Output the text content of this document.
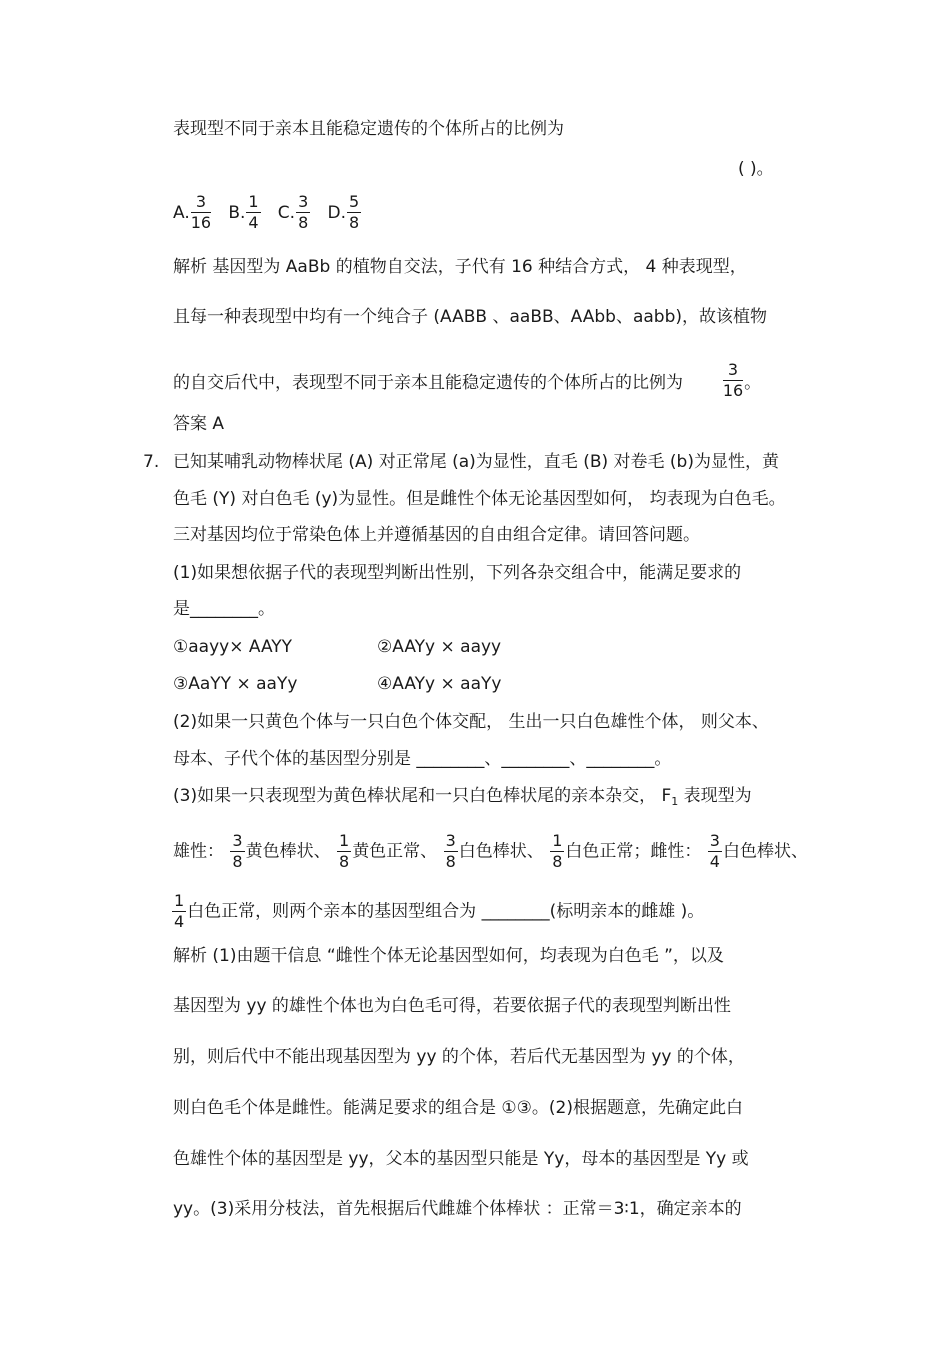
表现型不同于亲本且能稳定遗传的个体所占的比例为
( )。
A. $\frac{3}{16} B$. $\frac{1}{4} C$. $\frac{3}{8} D$. $\frac{5}{8}$
解析 基因型为 AaBb 的植物自交法，子代有 16 种结合方式， 4 种表现型，
且每一种表现型中均有一个纯合子 (AABB 、aaBB、AAbb、aabb)，故该植物
的自交后代中，表现型不同于亲本且能稳定遗传的个体所占的比例为 $\frac{3}{16}$ 。
答案 A
7. 已知某哺乳动物棒状尾 (A) 对正常尾 (a)为显性，直毛 (B) 对卷毛 (b)为显性，黄
色毛 (Y) 对白色毛 (y)为显性。但是雌性个体无论基因型如何， 均表现为白色毛。
三对基因均位于常染色体上并遵循基因的自由组合定律。请回答问题。
(1)如果想依据子代的表现型判断出性别，下列各杂交组合中，能满足要求的
是________。
①aayy× AAYY	②AAYy × aayy
③AaYY × aaYy	④AAYy × aaYy
(2)如果一只黄色个体与一只白色个体交配， 生出一只白色雄性个体， 则父本、
母本、子代个体的基因型分别是 ________、________、________。
(3)如果一只表现型为黄色棒状尾和一只白色棒状尾的亲本杂交， $F_1$ 表现型为
雄性： $\frac{3}{8}$ 黄色棒状、 $\frac{1}{8}$ 黄色正常、 $\frac{3}{8}$ 白色棒状、 $\frac{1}{8}$ 白色正常；雌性： $\frac{3}{4}$ 白色棒状、
$\frac{1}{4}$ 白色正常，则两个亲本的基因型组合为 ________(标明亲本的雌雄 )。
解析 (1)由题干信息 “雌性个体无论基因型如何，均表现为白色毛 ”，以及
基因型为 yy 的雄性个体也为白色毛可得，若要依据子代的表现型判断出性
别，则后代中不能出现基因型为 yy 的个体，若后代无基因型为 yy 的个体，
则白色毛个体是雌性。能满足要求的组合是 ①③。(2)根据题意，先确定此白
色雄性个体的基因型是 yy，父本的基因型只能是 Yy，母本的基因型是 Yy 或
yy。(3)采用分枝法，首先根据后代雌雄个体棒状 ：正常＝3∶1，确定亲本的
